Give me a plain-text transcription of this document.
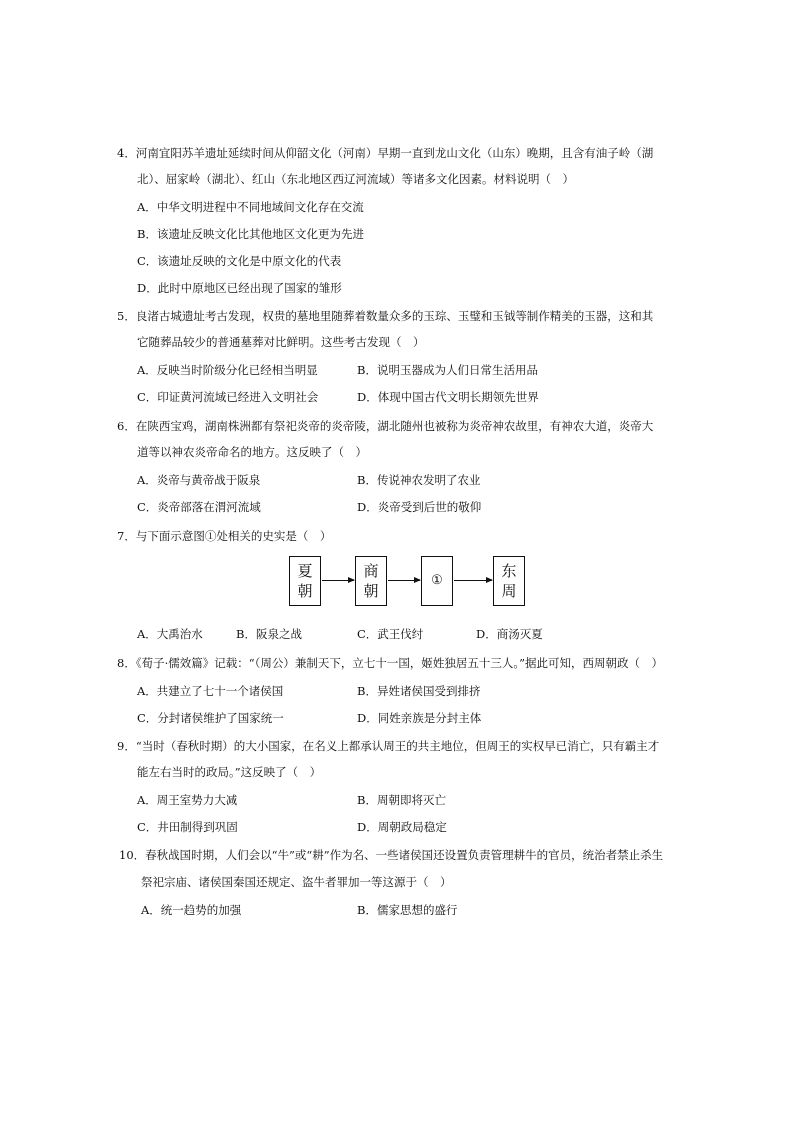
4．河南宜阳苏羊遗址延续时间从仰韶文化（河南）早期一直到龙山文化（山东）晚期，且含有油子岭（湖
北）、屈家岭（湖北）、红山（东北地区西辽河流域）等诸多文化因素。材料说明（　）
A．中华文明进程中不同地域间文化存在交流
B．该遗址反映文化比其他地区文化更为先进
C．该遗址反映的文化是中原文化的代表
D．此时中原地区已经出现了国家的雏形
5．良渚古城遗址考古发现，权贵的墓地里随葬着数量众多的玉琮、玉璧和玉钺等制作精美的玉器，这和其
它随葬品较少的普通墓葬对比鲜明。这些考古发现（　）
A．反映当时阶级分化已经相当明显	B．说明玉器成为人们日常生活用品
C．印证黄河流域已经进入文明社会	D．体现中国古代文明长期领先世界
6．在陕西宝鸡，湖南株洲都有祭祀炎帝的炎帝陵，湖北随州也被称为炎帝神农故里，有神农大道，炎帝大
道等以神农炎帝命名的地方。这反映了（　）
A．炎帝与黄帝战于阪泉	B．传说神农发明了农业
C．炎帝部落在渭河流域	D．炎帝受到后世的敬仰
7．与下面示意图①处相关的史实是（　）
夏
朝
商
朝
①
东
周
A．大禹治水	B．阪泉之战	C．武王伐纣	D．商汤灭夏
8．《荀子·儒效篇》记载：“（周公）兼制天下，立七十一国，姬姓独居五十三人。”据此可知，西周朝政（　）
A．共建立了七十一个诸侯国	B．异姓诸侯国受到排挤
C．分封诸侯维护了国家统一	D．同姓亲族是分封主体
9．“当时（春秋时期）的大小国家，在名义上都承认周王的共主地位，但周王的实权早已消亡，只有霸主才
能左右当时的政局。”这反映了（　）
A．周王室势力大减	B．周朝即将灭亡
C．井田制得到巩固	D．周朝政局稳定
10．春秋战国时期，人们会以“牛”或“耕”作为名、一些诸侯国还设置负责管理耕牛的官员，统治者禁止杀生
祭祀宗庙、诸侯国秦国还规定、盗牛者罪加一等这源于（　）
A．统一趋势的加强	B．儒家思想的盛行
